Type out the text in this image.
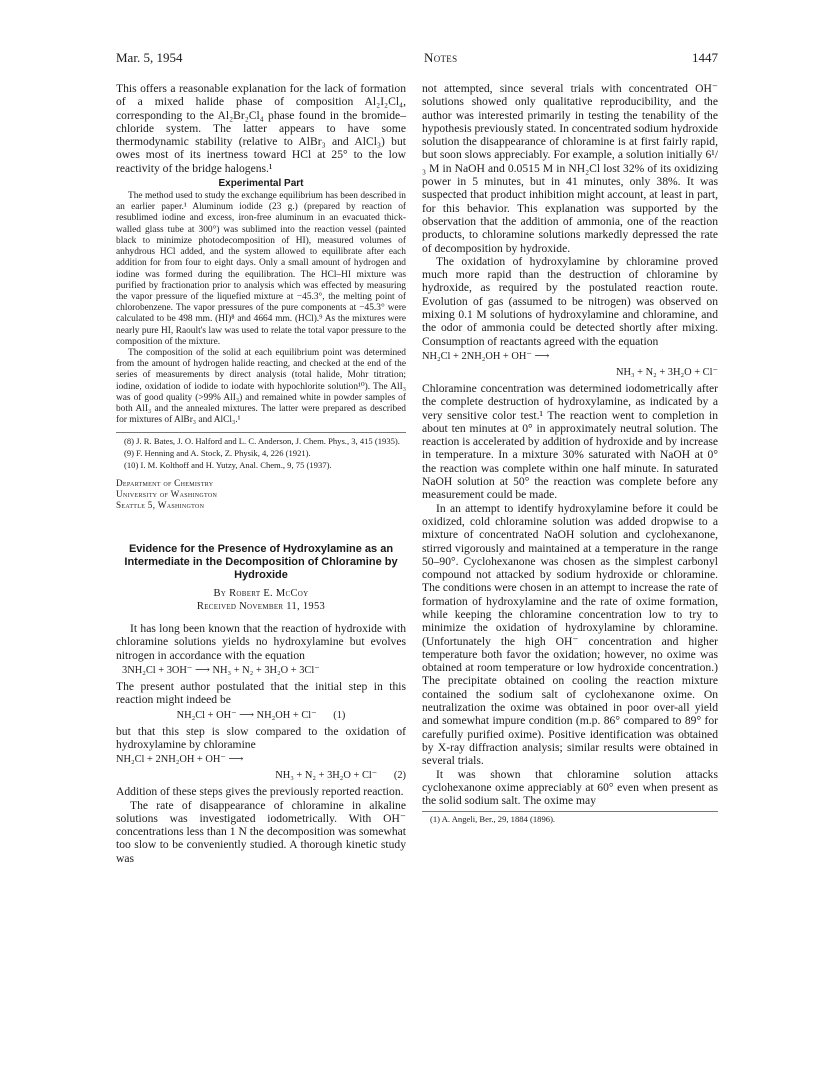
Mar. 5, 1954	Notes	1447

This offers a reasonable explanation for the lack of formation of a mixed halide phase of composition Al₂I₂Cl₄, corresponding to the Al₂Br₂Cl₄ phase found in the bromide–chloride system. The latter appears to have some thermodynamic stability (relative to AlBr₃ and AlCl₃) but owes most of its inertness toward HCl at 25° to the low reactivity of the bridge halogens.¹

Experimental Part

The method used to study the exchange equilibrium has been described in an earlier paper.¹ Aluminum iodide (23 g.) (prepared by reaction of resublimed iodine and excess, iron-free aluminum in an evacuated thick-walled glass tube at 300°) was sublimed into the reaction vessel (painted black to minimize photodecomposition of HI), measured volumes of anhydrous HCl added, and the system allowed to equilibrate after each addition for from four to eight days. Only a small amount of hydrogen and iodine was formed during the equilibration. The HCl–HI mixture was purified by fractionation prior to analysis which was effected by measuring the vapor pressure of the liquefied mixture at −45.3°, the melting point of chlorobenzene. The vapor pressures of the pure components at −45.3° were calculated to be 498 mm. (HI)⁸ and 4664 mm. (HCl).⁹ As the mixtures were nearly pure HI, Raoult's law was used to relate the total vapor pressure to the composition of the mixture.

The composition of the solid at each equilibrium point was determined from the amount of hydrogen halide reacting, and checked at the end of the series of measurements by direct analysis (total halide, Mohr titration; iodine, oxidation of iodide to iodate with hypochlorite solution¹⁰). The AlI₃ was of good quality (>99% AlI₃) and remained white in powder samples of both AlI₃ and the annealed mixtures. The latter were prepared as described for mixtures of AlBr₃ and AlCl₃.¹

(8) J. R. Bates, J. O. Halford and L. C. Anderson, J. Chem. Phys., 3, 415 (1935).
(9) F. Henning and A. Stock, Z. Physik, 4, 226 (1921).
(10) I. M. Kolthoff and H. Yutzy, Anal. Chem., 9, 75 (1937).
Department of Chemistry
University of Washington
Seattle 5, Washington
Evidence for the Presence of Hydroxylamine as an Intermediate in the Decomposition of Chloramine by Hydroxide
By Robert E. McCoy
Received November 11, 1953

It has long been known that the reaction of hydroxide with chloramine solutions yields no hydroxylamine but evolves nitrogen in accordance with the equation

3NH₂Cl + 3OH⁻ ⟶ NH₃ + N₂ + 3H₂O + 3Cl⁻

The present author postulated that the initial step in this reaction might indeed be

NH₂Cl + OH⁻ ⟶ NH₂OH + Cl⁻ (1)

but that this step is slow compared to the oxidation of hydroxylamine by chloramine

NH₂Cl + 2NH₂OH + OH⁻ ⟶
NH₃ + N₂ + 3H₂O + Cl⁻ (2)

Addition of these steps gives the previously reported reaction.

The rate of disappearance of chloramine in alkaline solutions was investigated iodometrically. With OH⁻ concentrations less than 1 N the decomposition was somewhat too slow to be conveniently studied. A thorough kinetic study was

not attempted, since several trials with concentrated OH⁻ solutions showed only qualitative reproducibility, and the author was interested primarily in testing the tenability of the hypothesis previously stated. In concentrated sodium hydroxide solution the disappearance of chloramine is at first fairly rapid, but soon slows appreciably. For example, a solution initially 6¹/₃ M in NaOH and 0.0515 M in NH₂Cl lost 32% of its oxidizing power in 5 minutes, but in 41 minutes, only 38%. It was suspected that product inhibition might account, at least in part, for this behavior. This explanation was supported by the observation that the addition of ammonia, one of the reaction products, to chloramine solutions markedly depressed the rate of decomposition by hydroxide.

The oxidation of hydroxylamine by chloramine proved much more rapid than the destruction of chloramine by hydroxide, as required by the postulated reaction route. Evolution of gas (assumed to be nitrogen) was observed on mixing 0.1 M solutions of hydroxylamine and chloramine, and the odor of ammonia could be detected shortly after mixing. Consumption of reactants agreed with the equation

NH₂Cl + 2NH₂OH + OH⁻ ⟶
NH₃ + N₂ + 3H₂O + Cl⁻

Chloramine concentration was determined iodometrically after the complete destruction of hydroxylamine, as indicated by a very sensitive color test.¹ The reaction went to completion in about ten minutes at 0° in approximately neutral solution. The reaction is accelerated by addition of hydroxide and by increase in temperature. In a mixture 30% saturated with NaOH at 0° the reaction was complete within one half minute. In saturated NaOH solution at 50° the reaction was complete before any measurement could be made.

In an attempt to identify hydroxylamine before it could be oxidized, cold chloramine solution was added dropwise to a mixture of concentrated NaOH solution and cyclohexanone, stirred vigorously and maintained at a temperature in the range 50–90°. Cyclohexanone was chosen as the simplest carbonyl compound not attacked by sodium hydroxide or chloramine. The conditions were chosen in an attempt to increase the rate of formation of hydroxylamine and the rate of oxime formation, while keeping the chloramine concentration low to try to minimize the oxidation of hydroxylamine by chloramine. (Unfortunately the high OH⁻ concentration and higher temperature both favor the oxidation; however, no oxime was obtained at room temperature or low hydroxide concentration.) The precipitate obtained on cooling the reaction mixture contained the sodium salt of cyclohexanone oxime. On neutralization the oxime was obtained in poor over-all yield and somewhat impure condition (m.p. 86° compared to 89° for carefully purified oxime). Positive identification was obtained by X-ray diffraction analysis; similar results were obtained in several trials.

It was shown that chloramine solution attacks cyclohexanone oxime appreciably at 60° even when present as the solid sodium salt. The oxime may

(1) A. Angeli, Ber., 29, 1884 (1896).
